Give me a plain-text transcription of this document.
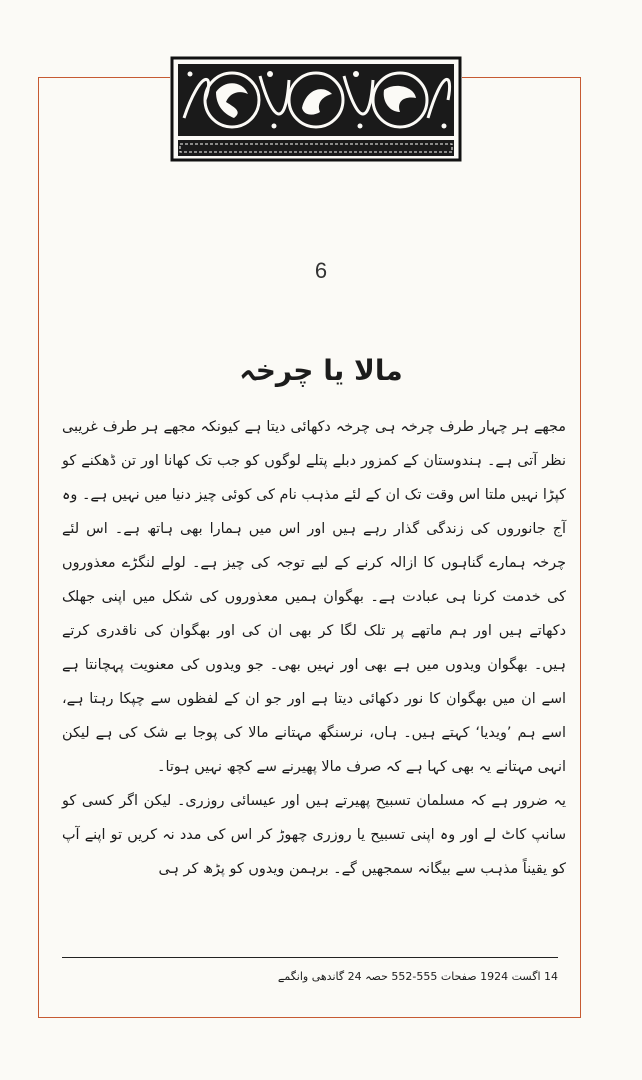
6
مالا یا چرخہ

مجھے ہر چہار طرف چرخہ ہی چرخہ دکھائی دیتا ہے کیونکہ مجھے ہر طرف غریبی نظر آتی ہے۔ ہندوستان کے کمزور دبلے پتلے لوگوں کو جب تک کھانا اور تن ڈھکنے کو کپڑا نہیں ملتا اس وقت تک ان کے لئے مذہب نام کی کوئی چیز دنیا میں نہیں ہے۔ وہ آج جانوروں کی زندگی گذار رہے ہیں اور اس میں ہمارا بھی ہاتھ ہے۔ اس لئے چرخہ ہمارے گناہوں کا ازالہ کرنے کے لیے توجہ کی چیز ہے۔ لولے لنگڑے معذوروں کی خدمت کرنا ہی عبادت ہے۔ بھگوان ہمیں معذوروں کی شکل میں اپنی جھلک دکھاتے ہیں اور ہم ماتھے پر تلک لگا کر بھی ان کی اور بھگوان کی ناقدری کرتے ہیں۔ بھگوان ویدوں میں ہے بھی اور نہیں بھی۔ جو ویدوں کی معنویت پہچانتا ہے اسے ان میں بھگوان کا نور دکھائی دیتا ہے اور جو ان کے لفظوں سے چپکا رہتا ہے، اسے ہم ’ویدیا‘ کہتے ہیں۔ ہاں، نرسنگھ مہتانے مالا کی پوجا بے شک کی ہے لیکن انہی مہتانے یہ بھی کہا ہے کہ صرف مالا پھیرنے سے کچھ نہیں ہوتا۔

یہ ضرور ہے کہ مسلمان تسبیح پھیرتے ہیں اور عیسائی روزری۔ لیکن اگر کسی کو سانپ کاٹ لے اور وہ اپنی تسبیح یا روزری چھوڑ کر اس کی مدد نہ کریں تو اپنے آپ کو یقیناً مذہب سے بیگانہ سمجھیں گے۔ برہمن ویدوں کو پڑھ کر ہی

14 اگست 1924 صفحات 555-552 حصہ 24 گاندھی وانگمے
